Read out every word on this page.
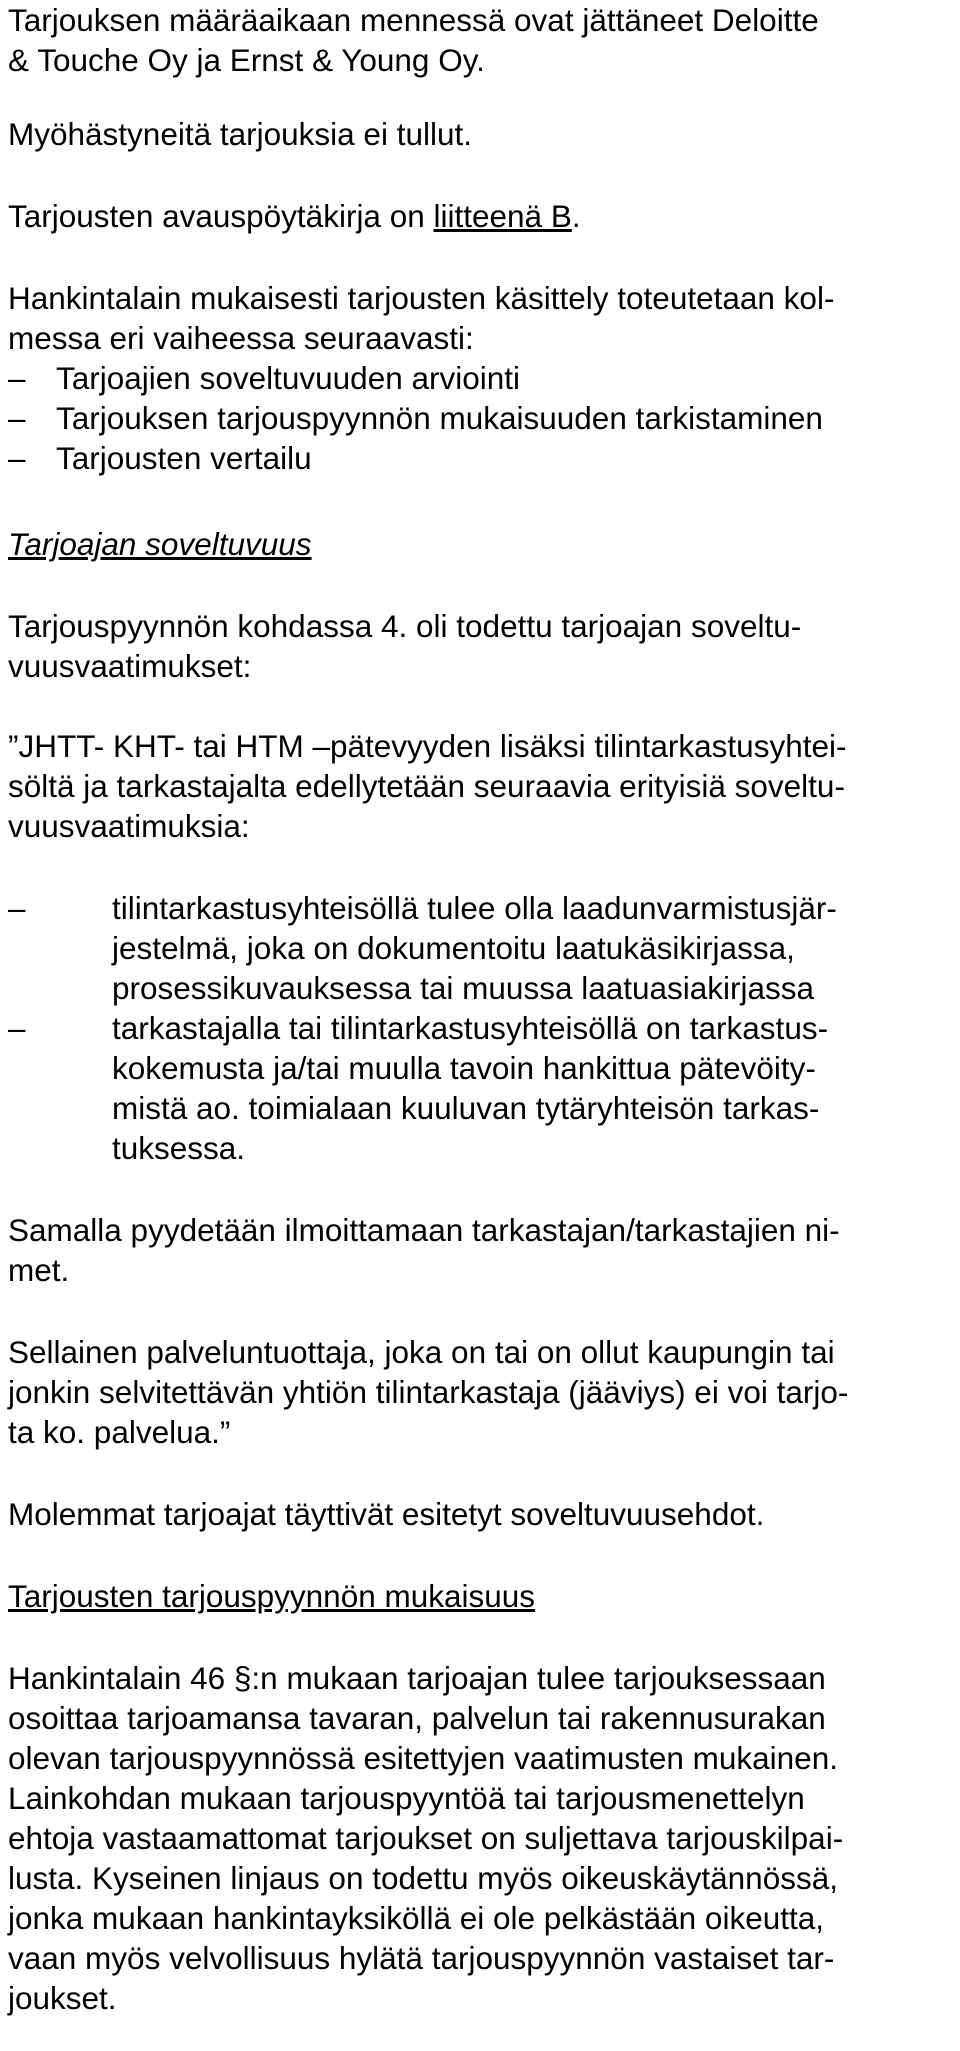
Tarjouksen määräaikaan mennessä ovat jättäneet Deloitte
& Touche Oy ja Ernst & Young Oy.
Myöhästyneitä tarjouksia ei tullut.
Tarjousten avauspöytäkirja on liitteenä B.
Hankintalain mukaisesti tarjousten käsittely toteutetaan kol-
messa eri vaiheessa seuraavasti:
– Tarjoajien soveltuvuuden arviointi
– Tarjouksen tarjouspyynnön mukaisuuden tarkistaminen
– Tarjousten vertailu
Tarjoajan soveltuvuus
Tarjouspyynnön kohdassa 4. oli todettu tarjoajan soveltu-
vuusvaatimukset:
”JHTT- KHT- tai HTM –pätevyyden lisäksi tilintarkastusyhtei-
söltä ja tarkastajalta edellytetään seuraavia erityisiä soveltu-
vuusvaatimuksia:
–	tilintarkastusyhteisöllä tulee olla laadunvarmistusjär-
jestelmä, joka on dokumentoitu laatukäsikirjassa,
prosessikuvauksessa tai muussa laatuasiakirjassa
–	tarkastajalla tai tilintarkastusyhteisöllä on tarkastus-
kokemusta ja/tai muulla tavoin hankittua pätevöity-
mistä ao. toimialaan kuuluvan tytäryhteisön tarkas-
tuksessa.
Samalla pyydetään ilmoittamaan tarkastajan/tarkastajien ni-
met.
Sellainen palveluntuottaja, joka on tai on ollut kaupungin tai
jonkin selvitettävän yhtiön tilintarkastaja (jääviys) ei voi tarjo-
ta ko. palvelua.”
Molemmat tarjoajat täyttivät esitetyt soveltuvuusehdot.
Tarjousten tarjouspyynnön mukaisuus
Hankintalain 46 §:n mukaan tarjoajan tulee tarjouksessaan
osoittaa tarjoamansa tavaran, palvelun tai rakennusurakan
olevan tarjouspyynnössä esitettyjen vaatimusten mukainen.
Lainkohdan mukaan tarjouspyyntöä tai tarjousmenettelyn
ehtoja vastaamattomat tarjoukset on suljettava tarjouskilpai-
lusta. Kyseinen linjaus on todettu myös oikeuskäytännössä,
jonka mukaan hankintayksiköllä ei ole pelkästään oikeutta,
vaan myös velvollisuus hylätä tarjouspyynnön vastaiset tar-
joukset.
